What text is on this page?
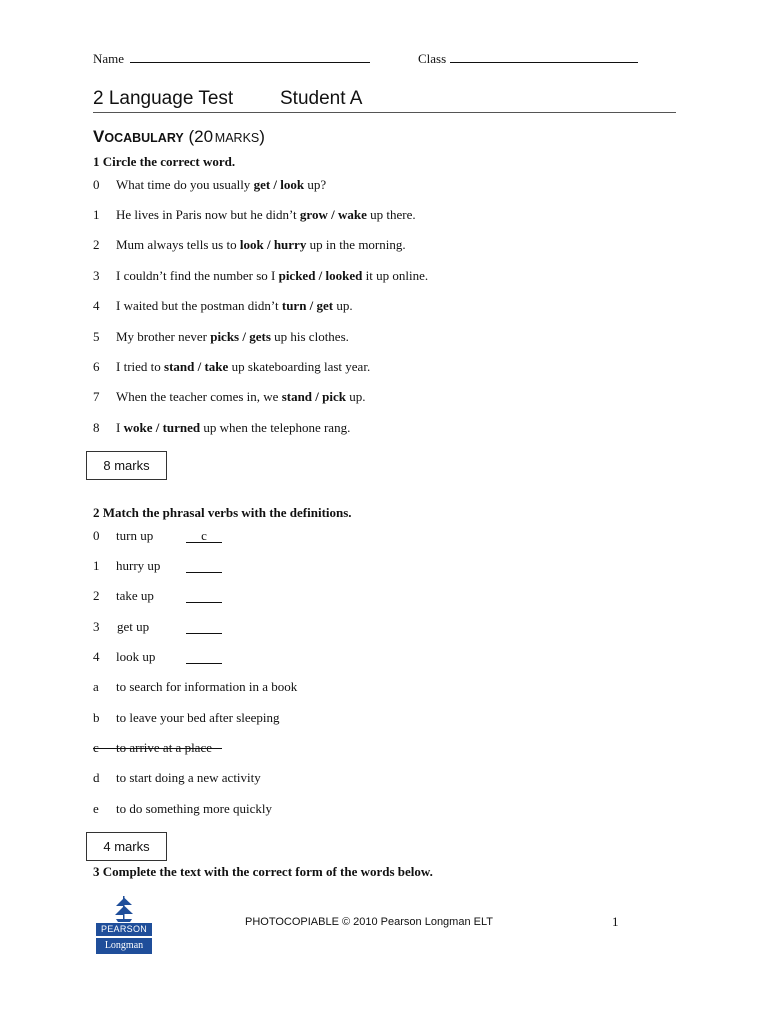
Name	Class
2 Language Test Student A
VOCABULARY (20 MARKS)
1 Circle the correct word.
0 What time do you usually get / look up?
1 He lives in Paris now but he didn’t grow / wake up there.
2 Mum always tells us to look / hurry up in the morning.
3 I couldn’t find the number so I picked / looked it up online.
4 I waited but the postman didn’t turn / get up.
5 My brother never picks / gets up his clothes.
6 I tried to stand / take up skateboarding last year.
7 When the teacher comes in, we stand / pick up.
8 I woke / turned up when the telephone rang.
8 marks
2 Match the phrasal verbs with the definitions.
0 turn up	c
1 hurry up
2 take up
3 get up
4 look up
a to search for information in a book
b to leave your bed after sleeping
c to arrive at a place
d to start doing a new activity
e to do something more quickly
4 marks
3 Complete the text with the correct form of the words below.
PEARSON
Longman
PHOTOCOPIABLE © 2010 Pearson Longman ELT	1
